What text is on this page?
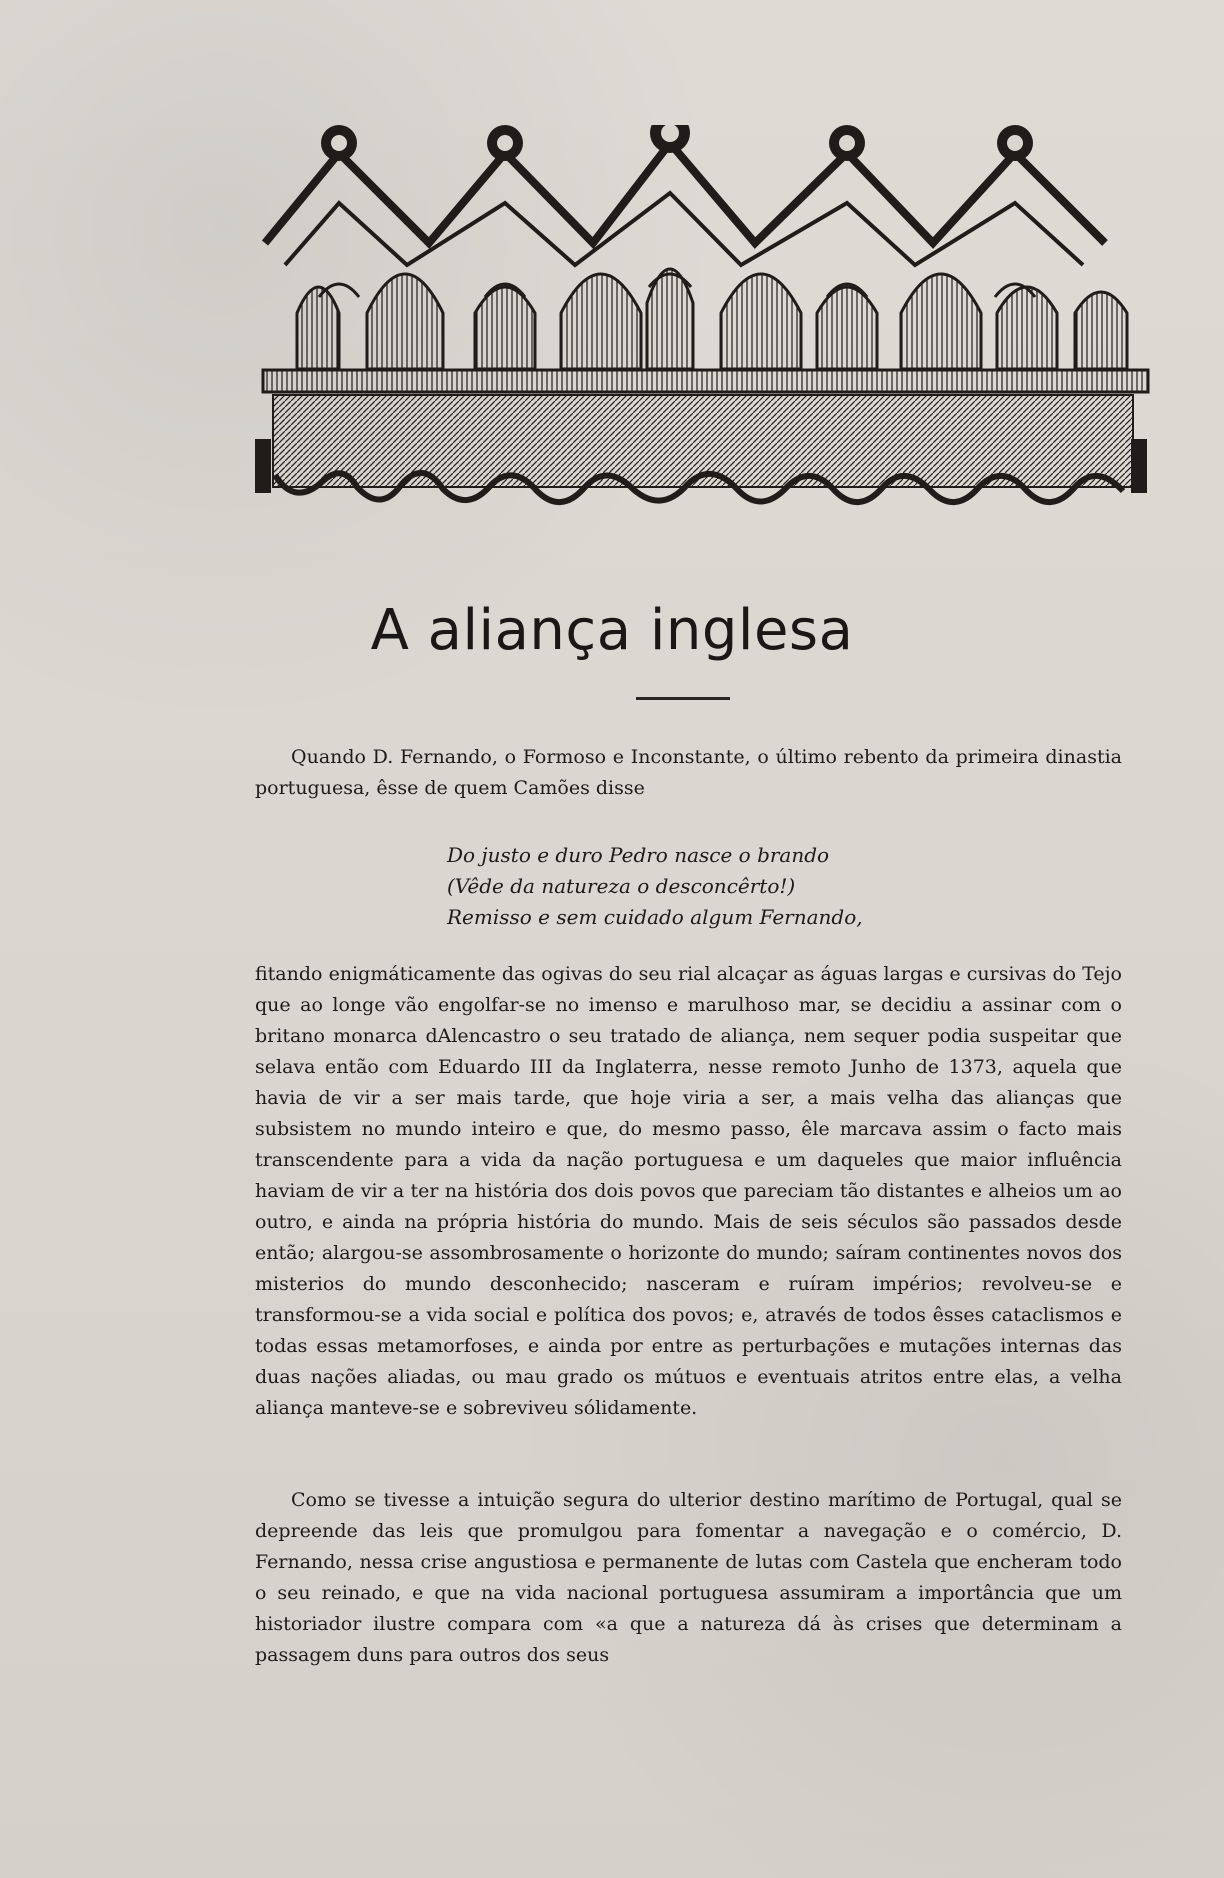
A aliança inglesa
Quando D. Fernando, o Formoso e Inconstante, o último rebento da primeira dinastia portuguesa, êsse de quem Camões disse
Do justo e duro Pedro nasce o brando
(Vêde da natureza o desconcêrto!)
Remisso e sem cuidado algum Fernando,
fitando enigmáticamente das ogivas do seu rial alcaçar as águas largas e cursivas do Tejo que ao longe vão engolfar-se no imenso e marulhoso mar, se decidiu a assinar com o britano monarca dAlencastro o seu tratado de aliança, nem sequer podia suspeitar que selava então com Eduardo III da Inglaterra, nesse remoto Junho de 1373, aquela que havia de vir a ser mais tarde, que hoje viria a ser, a mais velha das alianças que subsistem no mundo inteiro e que, do mesmo passo, êle marcava assim o facto mais transcendente para a vida da nação portuguesa e um daqueles que maior influência haviam de vir a ter na história dos dois povos que pareciam tão distantes e alheios um ao outro, e ainda na própria história do mundo. Mais de seis séculos são passados desde então; alargou-se assombrosamente o horizonte do mundo; saíram continentes novos dos misterios do mundo desconhecido; nasceram e ruíram impérios; revolveu-se e transformou-se a vida social e política dos povos; e, através de todos êsses cataclismos e todas essas metamorfoses, e ainda por entre as perturbações e mutações internas das duas nações aliadas, ou mau grado os mútuos e eventuais atritos entre elas, a velha aliança manteve-se e sobreviveu sólidamente.
Como se tivesse a intuição segura do ulterior destino marítimo de Portugal, qual se depreende das leis que promulgou para fomentar a navegação e o comércio, D. Fernando, nessa crise angustiosa e permanente de lutas com Castela que encheram todo o seu reinado, e que na vida nacional portuguesa assumiram a importância que um historiador ilustre compara com «a que a natureza dá às crises que determinam a passagem duns para outros dos seus
